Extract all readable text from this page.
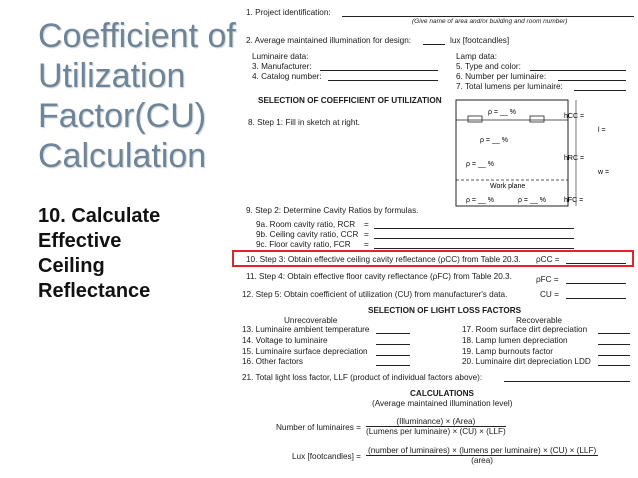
Coefficient of
Utilization
Factor(CU)
Calculation
10. Calculate
Effective
Ceiling
Reflectance
1. Project identification:
(Give name of area and/or building and room number)
2. Average maintained illumination for design:	lux [footcandles]
Luminaire data:
3. Manufacturer:
4. Catalog number:
Lamp data:
5. Type and color:
6. Number per luminaire:
7. Total lumens per luminaire:
SELECTION OF COEFFICIENT OF UTILIZATION
8. Step 1: Fill in sketch at right.
9. Step 2: Determine Cavity Ratios by formulas.
9a. Room cavity ratio, RCR =
9b. Ceiling cavity ratio, CCR =
9c. Floor cavity ratio, FCR =
10. Step 3: Obtain effective ceiling cavity reflectance (ρCC) from Table 20.3. ρCC =
11. Step 4: Obtain effective floor cavity reflectance (ρFC) from Table 20.3.	ρFC =
12. Step 5: Obtain coefficient of utilization (CU) from manufacturer's data.	CU =
SELECTION OF LIGHT LOSS FACTORS
Unrecoverable	Recoverable
13. Luminaire ambient temperature
14. Voltage to luminaire
15. Luminaire surface depreciation
16. Other factors
17. Room surface dirt depreciation
18. Lamp lumen depreciation
19. Lamp burnouts factor
20. Luminaire dirt depreciation LDD
21. Total light loss factor, LLF (product of individual factors above):
CALCULATIONS
(Average maintained illumination level)
Number of luminaires = $\frac{\text{(Illuminance) × (Area)}}{\text{(Lumens per luminaire) × (CU) × (LLF)}}$
Lux [footcandles] =
(number of luminaires) × (lumens per luminaire) × (CU) × (LLF)
(area)
ρ = __ %
ρ = __ %
ρ = __ %
Work plane
ρ = __ %	ρ = __ %
hCC =
hRC =
hFC =
l =
w =
